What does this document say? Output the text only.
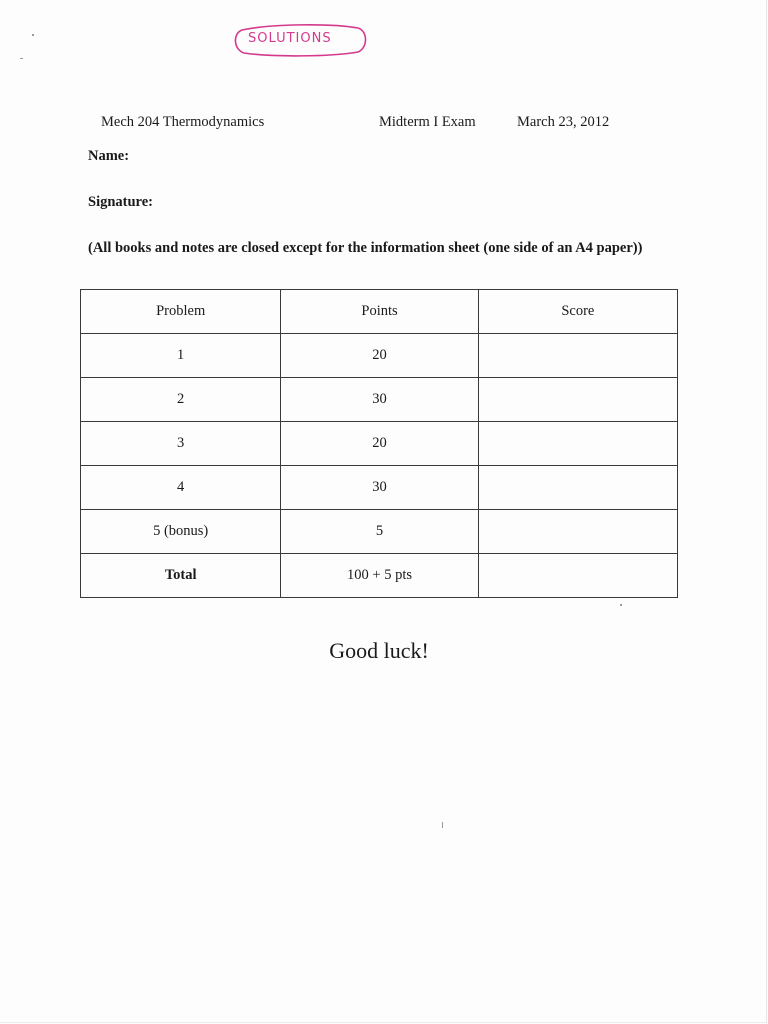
SOLUTIONS
Mech 204 Thermodynamics	Midterm I Exam	March 23, 2012
Name:
Signature:
(All books and notes are closed except for the information sheet (one side of an A4 paper))
Problem	Points	Score
1	20	
2	30	
3	20	
4	30	
5 (bonus)	5	
Total	100 + 5 pts	
Good luck!
